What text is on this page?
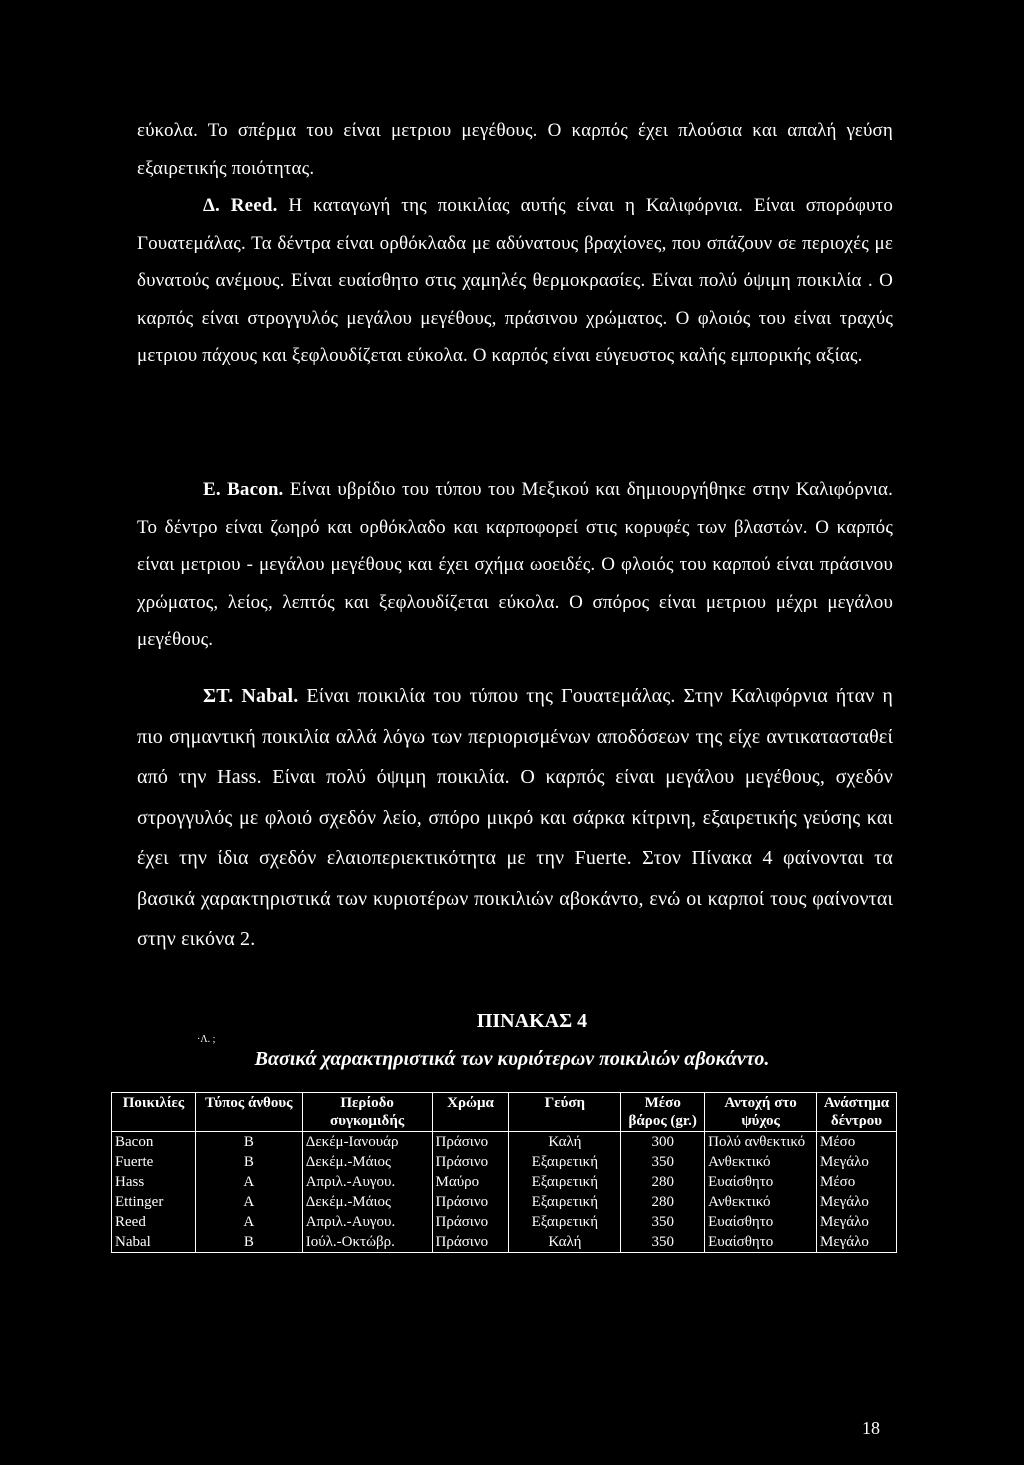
εύκολα. Το σπέρμα του είναι μετριου μεγέθους. Ο καρπός έχει πλούσια και απαλή γεύση εξαιρετικής ποιότητας.

Δ. Reed. Η καταγωγή της ποικιλίας αυτής είναι η Καλιφόρνια. Είναι σπορόφυτο Γουατεμάλας. Τα δέντρα είναι ορθόκλαδα με αδύνατους βραχίονες, που σπάζουν σε περιοχές με δυνατούς ανέμους. Είναι ευαίσθητο στις χαμηλές θερμοκρασίες. Είναι πολύ όψιμη ποικιλία . Ο καρπός είναι στρογγυλός μεγάλου μεγέθους, πράσινου χρώματος. Ο φλοιός του είναι τραχύς μετριου πάχους και ξεφλουδίζεται εύκολα. Ο καρπός είναι εύγευστος καλής εμπορικής αξίας.

Ε. Bacon. Είναι υβρίδιο του τύπου του Μεξικού και δημιουργήθηκε στην Καλιφόρνια. Το δέντρο είναι ζωηρό και ορθόκλαδο και καρποφορεί στις κορυφές των βλαστών. Ο καρπός είναι μετριου - μεγάλου μεγέθους και έχει σχήμα ωοειδές. Ο φλοιός του καρπού είναι πράσινου χρώματος, λείος, λεπτός και ξεφλουδίζεται εύκολα. Ο σπόρος είναι μετριου μέχρι μεγάλου μεγέθους.

ΣΤ. Nabal. Είναι ποικιλία του τύπου της Γουατεμάλας. Στην Καλιφόρνια ήταν η πιο σημαντική ποικιλία αλλά λόγω των περιορισμένων αποδόσεων της είχε αντικατασταθεί από την Hass. Είναι πολύ όψιμη ποικιλία. Ο καρπός είναι μεγάλου μεγέθους, σχεδόν στρογγυλός με φλοιό σχεδόν λείο, σπόρο μικρό και σάρκα κίτρινη, εξαιρετικής γεύσης και έχει την ίδια σχεδόν ελαιοπεριεκτικότητα με την Fuerte. Στον Πίνακα 4 φαίνονται τα βασικά χαρακτηριστικά των κυριοτέρων ποικιλιών αβοκάντο, ενώ οι καρποί τους φαίνονται στην εικόνα 2.

·Λ. ;
ΠΙΝΑΚΑΣ 4
Βασικά χαρακτηριστικά των κυριότερων ποικιλιών αβοκάντο.
Ποικιλίες	Τύπος άνθους	Περίοδο συγκομιδής	Χρώμα	Γεύση	Μέσο βάρος (gr.)	Αντοχή στο ψύχος	Ανάστημα δέντρου
Bacon	B	Δεκέμ-Ιανουάρ	Πράσινο	Καλή	300	Πολύ ανθεκτικό	Μέσο
Fuerte	B	Δεκέμ.-Μάιος	Πράσινο	Εξαιρετική	350	Ανθεκτικό	Μεγάλο
Hass	A	Απριλ.-Αυγου.	Μαύρο	Εξαιρετική	280	Ευαίσθητο	Μέσο
Ettinger	A	Δεκέμ.-Μάιος	Πράσινο	Εξαιρετική	280	Ανθεκτικό	Μεγάλο
Reed	A	Απριλ.-Αυγου.	Πράσινο	Εξαιρετική	350	Ευαίσθητο	Μεγάλο
Nabal	B	Ιούλ.-Οκτώβρ.	Πράσινο	Καλή	350	Ευαίσθητο	Μεγάλο
18
